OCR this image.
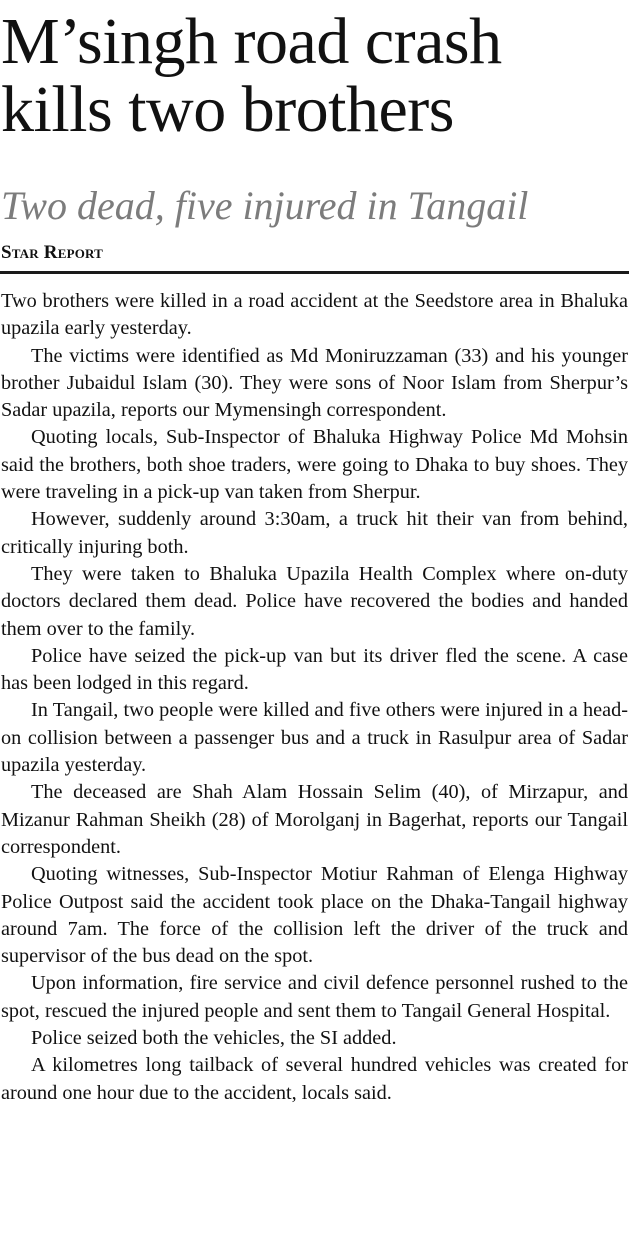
M’singh road crash kills two brothers
Two dead, five injured in Tangail
Star Report

Two brothers were killed in a road accident at the Seedstore area in Bhaluka upazila early yesterday.

The victims were identified as Md Moniruzzaman (33) and his younger brother Jubaidul Islam (30). They were sons of Noor Islam from Sherpur’s Sadar upazila, reports our Mymensingh correspondent.

Quoting locals, Sub-Inspector of Bhaluka Highway Police Md Mohsin said the brothers, both shoe traders, were going to Dhaka to buy shoes. They were traveling in a pick-up van taken from Sherpur.

However, suddenly around 3:30am, a truck hit their van from behind, critically injuring both.

They were taken to Bhaluka Upazila Health Complex where on-duty doctors declared them dead. Police have recovered the bodies and handed them over to the family.

Police have seized the pick-up van but its driver fled the scene. A case has been lodged in this regard.

In Tangail, two people were killed and five others were injured in a head-on collision between a passenger bus and a truck in Rasulpur area of Sadar upazila yesterday.

The deceased are Shah Alam Hossain Selim (40), of Mirzapur, and Mizanur Rahman Sheikh (28) of Morolganj in Bagerhat, reports our Tangail correspondent.

Quoting witnesses, Sub-Inspector Motiur Rahman of Elenga Highway Police Outpost said the accident took place on the Dhaka-Tangail highway around 7am. The force of the collision left the driver of the truck and supervisor of the bus dead on the spot.

Upon information, fire service and civil defence personnel rushed to the spot, rescued the injured people and sent them to Tangail General Hospital.

Police seized both the vehicles, the SI added.

A kilometres long tailback of several hundred vehicles was created for around one hour due to the accident, locals said.
